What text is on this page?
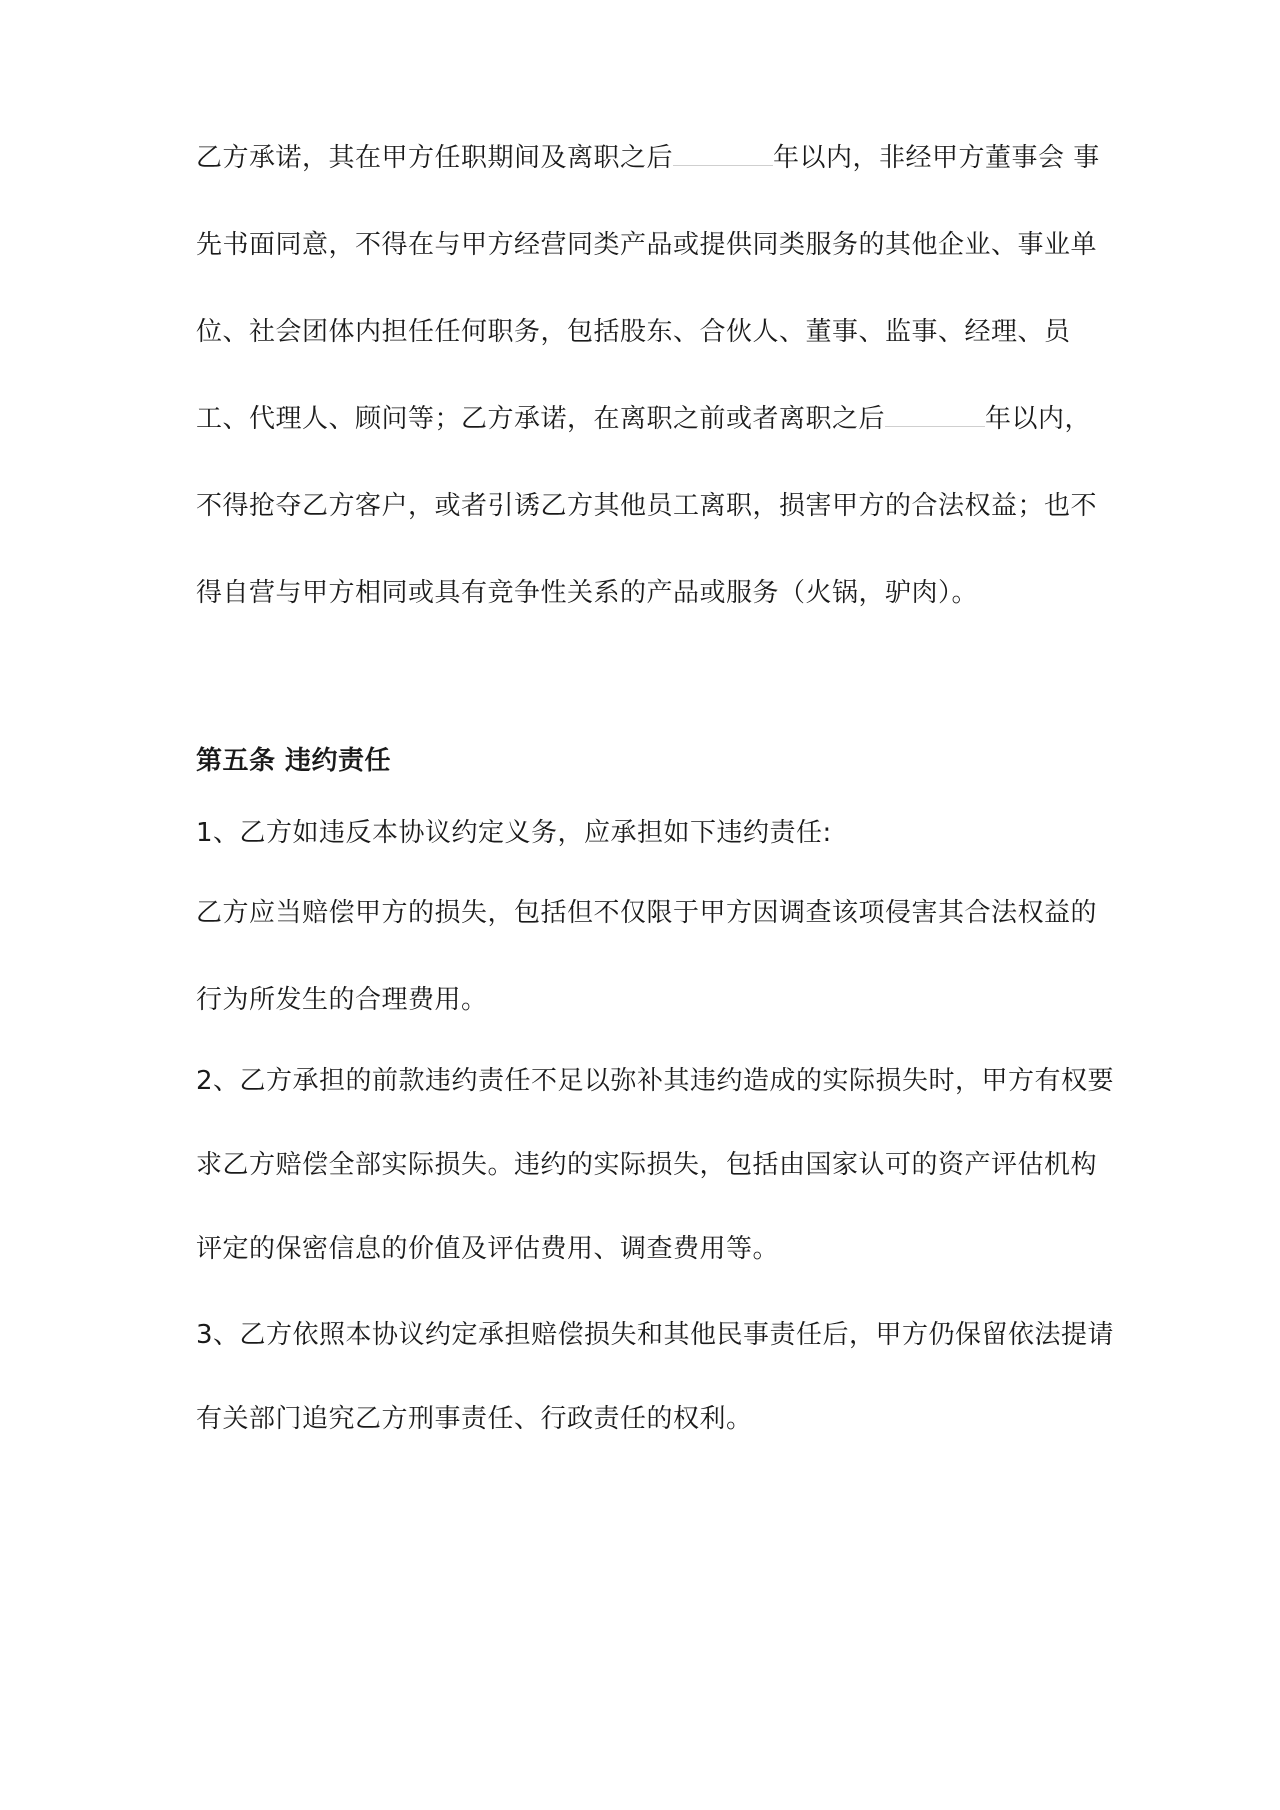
乙方承诺，其在甲方任职期间及离职之后	年以内，非经甲方董事会 事
先书面同意，不得在与甲方经营同类产品或提供同类服务的其他企业、事业单
位、社会团体内担任任何职务，包括股东、合伙人、董事、监事、经理、员
工、代理人、顾问等；乙方承诺，在离职之前或者离职之后	年以内，
不得抢夺乙方客户，或者引诱乙方其他员工离职，损害甲方的合法权益；也不
得自营与甲方相同或具有竞争性关系的产品或服务（火锅，驴肉）。
第五条 违约责任
1、乙方如违反本协议约定义务，应承担如下违约责任:
乙方应当赔偿甲方的损失，包括但不仅限于甲方因调查该项侵害其合法权益的
行为所发生的合理费用。
2、乙方承担的前款违约责任不足以弥补其违约造成的实际损失时，甲方有权要
求乙方赔偿全部实际损失。违约的实际损失，包括由国家认可的资产评估机构
评定的保密信息的价值及评估费用、调查费用等。
3、乙方依照本协议约定承担赔偿损失和其他民事责任后，甲方仍保留依法提请
有关部门追究乙方刑事责任、行政责任的权利。
